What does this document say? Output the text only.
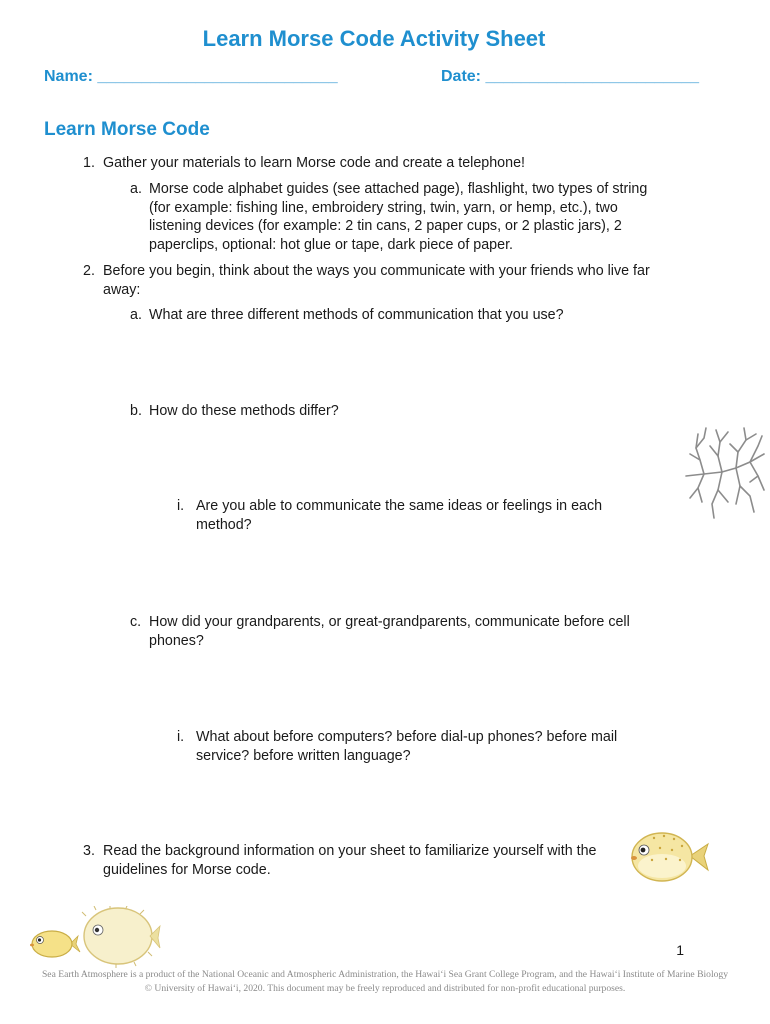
Learn Morse Code Activity Sheet
Name: ___________________________	Date: ________________________
Learn Morse Code
1. Gather your materials to learn Morse code and create a telephone!
a. Morse code alphabet guides (see attached page), flashlight, two types of string (for example: fishing line, embroidery string, twin, yarn, or hemp, etc.), two listening devices (for example: 2 tin cans, 2 paper cups, or 2 plastic jars), 2 paperclips, optional: hot glue or tape, dark piece of paper.
2. Before you begin, think about the ways you communicate with your friends who live far away:
a. What are three different methods of communication that you use?
b. How do these methods differ?
i. Are you able to communicate the same ideas or feelings in each method?
c. How did your grandparents, or great-grandparents, communicate before cell phones?
i. What about before computers? before dial-up phones? before mail service? before written language?
3. Read the background information on your sheet to familiarize yourself with the guidelines for Morse code.
1
Sea Earth Atmosphere is a product of the National Oceanic and Atmospheric Administration, the Hawaiʻi Sea Grant College Program, and the Hawaiʻi Institute of Marine Biology © University of Hawaiʻi, 2020. This document may be freely reproduced and distributed for non-profit educational purposes.
